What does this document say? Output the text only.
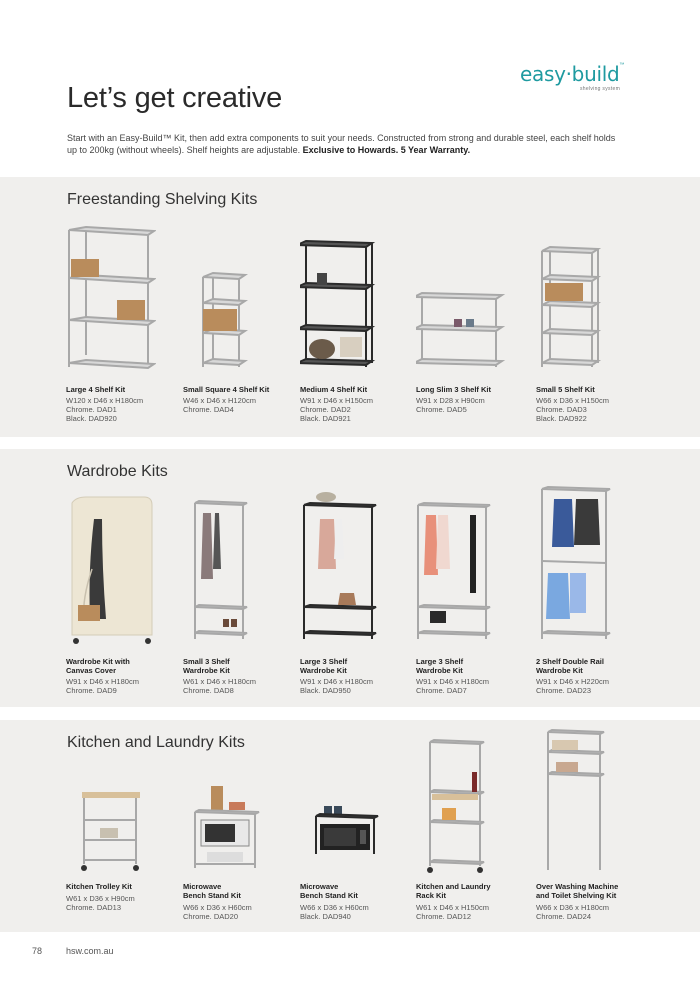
easy·build™
shelving system
Let’s get creative

Start with an Easy-Build™ Kit, then add extra components to suit your needs. Constructed from strong and durable steel, each shelf holds up to 200kg (without wheels). Shelf heights are adjustable. Exclusive to Howards. 5 Year Warranty.

Freestanding Shelving Kits
Large 4 Shelf Kit
W120 x D46 x H180cm
Chrome. DAD1
Black. DAD920
Small Square 4 Shelf Kit
W46 x D46 x H120cm
Chrome. DAD4
Medium 4 Shelf Kit
W91 x D46 x H150cm
Chrome. DAD2
Black. DAD921
Long Slim 3 Shelf Kit
W91 x D28 x H90cm
Chrome. DAD5
Small 5 Shelf Kit
W66 x D36 x H150cm
Chrome. DAD3
Black. DAD922
Wardrobe Kits
Wardrobe Kit with
Canvas Cover
W91 x D46 x H180cm
Chrome. DAD9
Small 3 Shelf
Wardrobe Kit
W61 x D46 x H180cm
Chrome. DAD8
Large 3 Shelf
Wardrobe Kit
W91 x D46 x H180cm
Black. DAD950
Large 3 Shelf
Wardrobe Kit
W91 x D46 x H180cm
Chrome. DAD7
2 Shelf Double Rail
Wardrobe Kit
W91 x D46 x H220cm
Chrome. DAD23
Kitchen and Laundry Kits
Kitchen Trolley Kit
W61 x D36 x H90cm
Chrome. DAD13
Microwave
Bench Stand Kit
W66 x D36 x H60cm
Chrome. DAD20
Microwave
Bench Stand Kit
W66 x D36 x H60cm
Black. DAD940
Kitchen and Laundry
Rack Kit
W61 x D46 x H150cm
Chrome. DAD12
Over Washing Machine
and Toilet Shelving Kit
W66 x D36 x H180cm
Chrome. DAD24
78	hsw.com.au
